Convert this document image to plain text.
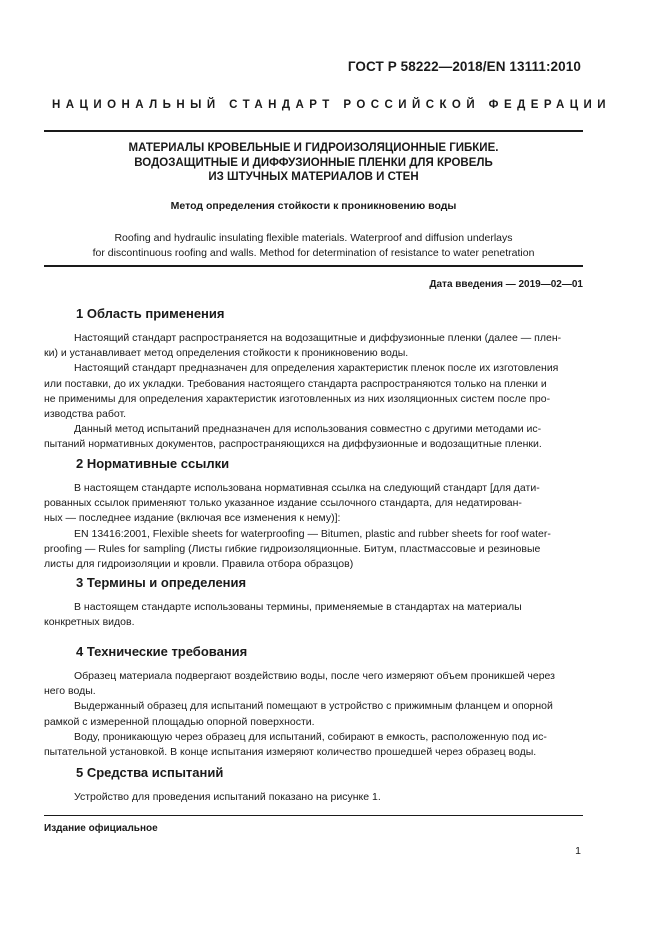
ГОСТ Р 58222—2018/EN 13111:2010
НАЦИОНАЛЬНЫЙ СТАНДАРТ РОССИЙСКОЙ ФЕДЕРАЦИИ
МАТЕРИАЛЫ КРОВЕЛЬНЫЕ И ГИДРОИЗОЛЯЦИОННЫЕ ГИБКИЕ.
ВОДОЗАЩИТНЫЕ И ДИФФУЗИОННЫЕ ПЛЕНКИ ДЛЯ КРОВЕЛЬ
ИЗ ШТУЧНЫХ МАТЕРИАЛОВ И СТЕН
Метод определения стойкости к проникновению воды
Roofing and hydraulic insulating flexible materials. Waterproof and diffusion underlays
for discontinuous roofing and walls. Method for determination of resistance to water penetration
Дата введения — 2019—02—01
1 Область применения

Настоящий стандарт распространяется на водозащитные и диффузионные пленки (далее — плен-
ки) и устанавливает метод определения стойкости к проникновению воды.
Настоящий стандарт предназначен для определения характеристик пленок после их изготовления
или поставки, до их укладки. Требования настоящего стандарта распространяются только на пленки и
не применимы для определения характеристик изготовленных из них изоляционных систем после про-
изводства работ.
Данный метод испытаний предназначен для использования совместно с другими методами ис-
пытаний нормативных документов, распространяющихся на диффузионные и водозащитные пленки.

2 Нормативные ссылки

В настоящем стандарте использована нормативная ссылка на следующий стандарт [для дати-
рованных ссылок применяют только указанное издание ссылочного стандарта, для недатирован-
ных — последнее издание (включая все изменения к нему)]:
EN 13416:2001, Flexible sheets for waterproofing — Bitumen, plastic and rubber sheets for roof water-
proofing — Rules for sampling (Листы гибкие гидроизоляционные. Битум, пластмассовые и резиновые
листы для гидроизоляции и кровли. Правила отбора образцов)

3 Термины и определения

В настоящем стандарте использованы термины, применяемые в стандартах на материалы
конкретных видов.

4 Технические требования

Образец материала подвергают воздействию воды, после чего измеряют объем проникшей через
него воды.
Выдержанный образец для испытаний помещают в устройство с прижимным фланцем и опорной
рамкой с измеренной площадью опорной поверхности.
Воду, проникающую через образец для испытаний, собирают в емкость, расположенную под ис-
пытательной установкой. В конце испытания измеряют количество прошедшей через образец воды.

5 Средства испытаний

Устройство для проведения испытаний показано на рисунке 1.

Издание официальное
1
